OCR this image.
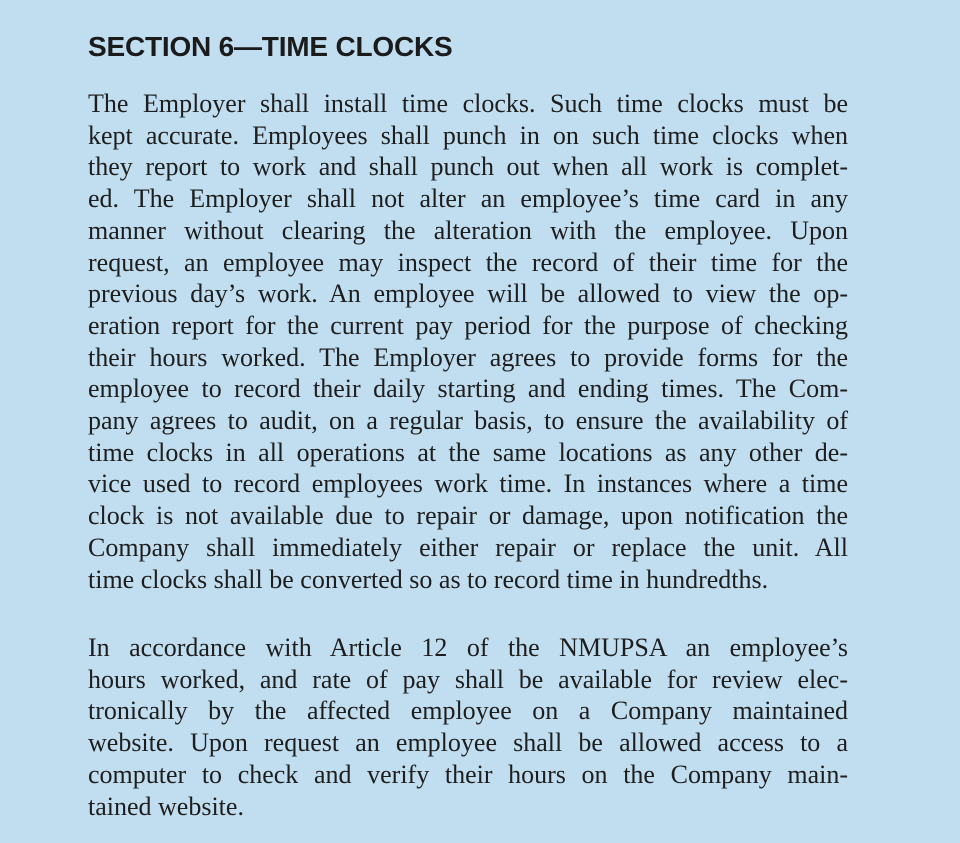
SECTION 6—TIME CLOCKS

The Employer shall install time clocks. Such time clocks must be
kept accurate. Employees shall punch in on such time clocks when
they report to work and shall punch out when all work is complet-
ed. The Employer shall not alter an employee’s time card in any
manner without clearing the alteration with the employee. Upon
request, an employee may inspect the record of their time for the
previous day’s work. An employee will be allowed to view the op-
eration report for the current pay period for the purpose of checking
their hours worked. The Employer agrees to provide forms for the
employee to record their daily starting and ending times. The Com-
pany agrees to audit, on a regular basis, to ensure the availability of
time clocks in all operations at the same locations as any other de-
vice used to record employees work time. In instances where a time
clock is not available due to repair or damage, upon notification the
Company shall immediately either repair or replace the unit. All
time clocks shall be converted so as to record time in hundredths.

In accordance with Article 12 of the NMUPSA an employee’s
hours worked, and rate of pay shall be available for review elec-
tronically by the affected employee on a Company maintained
website. Upon request an employee shall be allowed access to a
computer to check and verify their hours on the Company main-
tained website.
